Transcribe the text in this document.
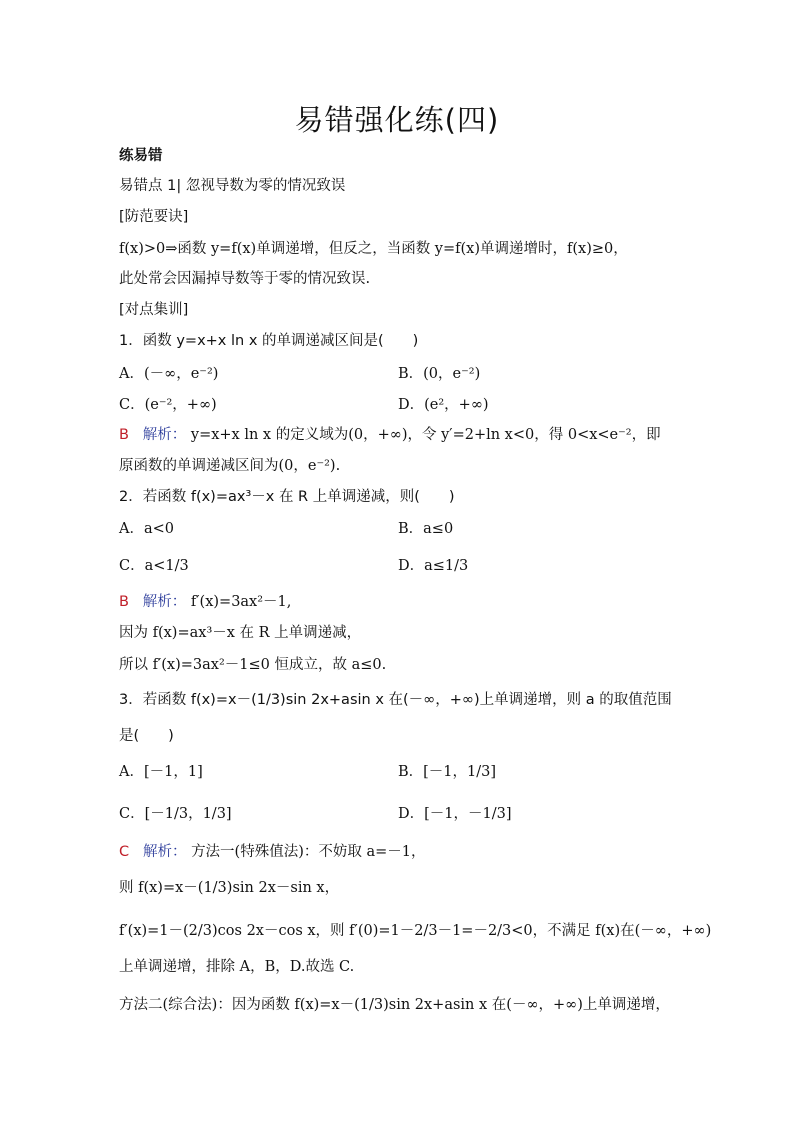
易错强化练(四)
练易错
易错点 1| 忽视导数为零的情况致误
[防范要诀]
f(x)>0⇒函数 y=f(x)单调递增，但反之，当函数 y=f(x)单调递增时，f(x)≥0，
此处常会因漏掉导数等于零的情况致误.
[对点集训]
1．函数 y=x+x ln x 的单调递减区间是(　　)
A．(－∞，e⁻²)	B．(0，e⁻²)
C．(e⁻²，+∞)	D．(e²，+∞)
B 解析： y=x+x ln x 的定义域为(0，+∞)，令 y′=2+ln x<0，得 0<x<e⁻²，即
原函数的单调递减区间为(0，e⁻²).
2．若函数 f(x)=ax³－x 在 R 上单调递减，则(　　)
A．a<0	B．a≤0
C．a<1/3	D．a≤1/3
B 解析： f′(x)=3ax²－1,
因为 f(x)=ax³－x 在 R 上单调递减，
所以 f′(x)=3ax²－1≤0 恒成立，故 a≤0.
3．若函数 f(x)=x－(1/3)sin 2x+asin x 在(－∞，+∞)上单调递增，则 a 的取值范围
是(　　)
A．[－1，1]	B．[－1，1/3]
C．[－1/3，1/3]	D．[－1，－1/3]
C 解析： 方法一(特殊值法)：不妨取 a=－1，
则 f(x)=x－(1/3)sin 2x－sin x，
f′(x)=1－(2/3)cos 2x－cos x，则 f′(0)=1－2/3－1=－2/3<0，不满足 f(x)在(－∞，+∞)
上单调递增，排除 A，B，D.故选 C.
方法二(综合法)：因为函数 f(x)=x－(1/3)sin 2x+asin x 在(－∞，+∞)上单调递增，
